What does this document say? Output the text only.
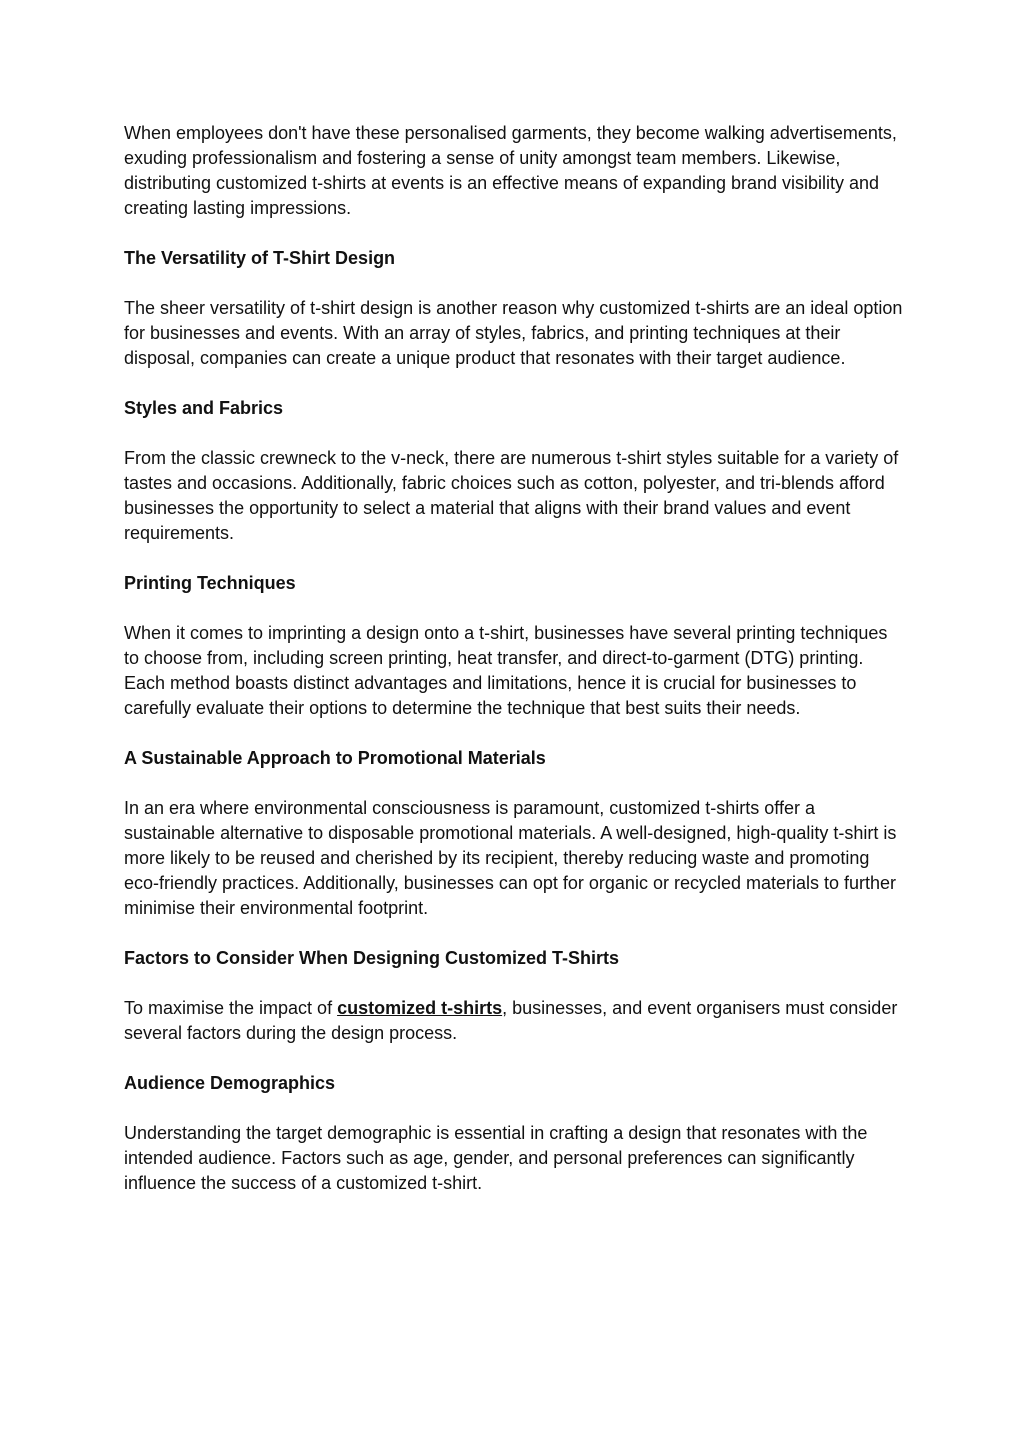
When employees don't have these personalised garments, they become walking advertisements, exuding professionalism and fostering a sense of unity amongst team members. Likewise, distributing customized t-shirts at events is an effective means of expanding brand visibility and creating lasting impressions.

The Versatility of T-Shirt Design

The sheer versatility of t-shirt design is another reason why customized t-shirts are an ideal option for businesses and events. With an array of styles, fabrics, and printing techniques at their disposal, companies can create a unique product that resonates with their target audience.

Styles and Fabrics

From the classic crewneck to the v-neck, there are numerous t-shirt styles suitable for a variety of tastes and occasions. Additionally, fabric choices such as cotton, polyester, and tri-blends afford businesses the opportunity to select a material that aligns with their brand values and event requirements.

Printing Techniques

When it comes to imprinting a design onto a t-shirt, businesses have several printing techniques to choose from, including screen printing, heat transfer, and direct-to-garment (DTG) printing. Each method boasts distinct advantages and limitations, hence it is crucial for businesses to carefully evaluate their options to determine the technique that best suits their needs.

A Sustainable Approach to Promotional Materials

In an era where environmental consciousness is paramount, customized t-shirts offer a sustainable alternative to disposable promotional materials. A well-designed, high-quality t-shirt is more likely to be reused and cherished by its recipient, thereby reducing waste and promoting eco-friendly practices. Additionally, businesses can opt for organic or recycled materials to further minimise their environmental footprint.

Factors to Consider When Designing Customized T-Shirts

To maximise the impact of customized t-shirts, businesses, and event organisers must consider several factors during the design process.

Audience Demographics

Understanding the target demographic is essential in crafting a design that resonates with the intended audience. Factors such as age, gender, and personal preferences can significantly influence the success of a customized t-shirt.
